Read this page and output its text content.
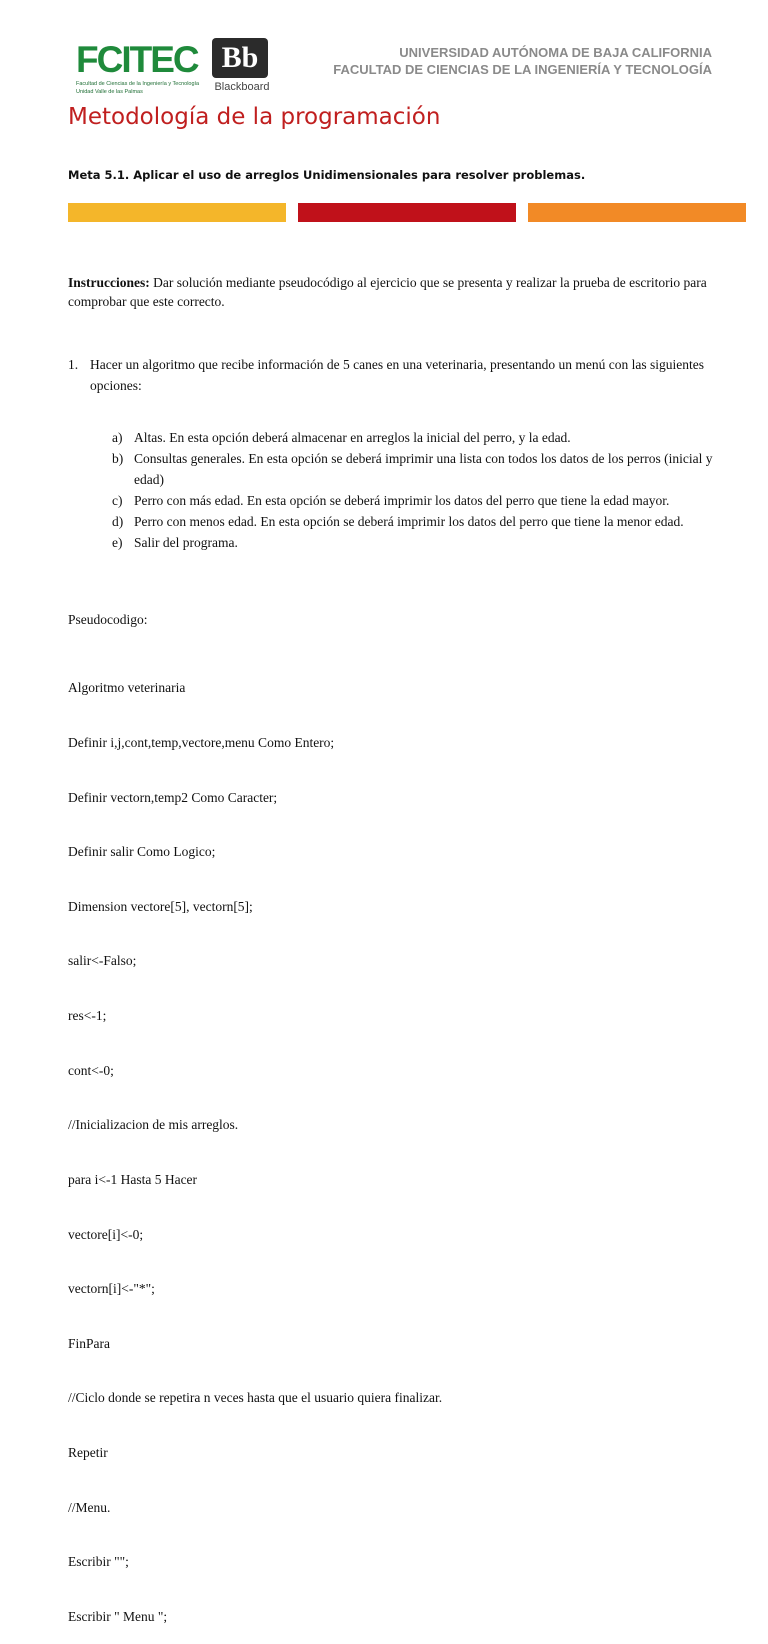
FCITEC
Facultad de Ciencias de la Ingeniería y Tecnología
Unidad Valle de las Palmas
Bb
Blackboard
UNIVERSIDAD AUTÓNOMA DE BAJA CALIFORNIA
FACULTAD DE CIENCIAS DE LA INGENIERÍA Y TECNOLOGÍA
Metodología de la programación
Meta 5.1. Aplicar el uso de arreglos Unidimensionales para resolver problemas.
Instrucciones: Dar solución mediante pseudocódigo al ejercicio que se presenta y realizar la prueba de escritorio para comprobar que este correcto.
1. Hacer un algoritmo que recibe información de 5 canes en una veterinaria, presentando un menú con las siguientes opciones:
a) Altas. En esta opción deberá almacenar en arreglos la inicial del perro, y la edad.
b) Consultas generales. En esta opción se deberá imprimir una lista con todos los datos de los perros (inicial y edad)
c) Perro con más edad. En esta opción se deberá imprimir los datos del perro que tiene la edad mayor.
d) Perro con menos edad. En esta opción se deberá imprimir los datos del perro que tiene la menor edad.
e) Salir del programa.
Pseudocodigo:

Algoritmo veterinaria

Definir i,j,cont,temp,vectore,menu Como Entero;

Definir vectorn,temp2 Como Caracter;

Definir salir Como Logico;

Dimension vectore[5], vectorn[5];

salir<-Falso;

res<-1;

cont<-0;

//Inicializacion de mis arreglos.

para i<-1 Hasta 5 Hacer

vectore[i]<-0;

vectorn[i]<-"*";

FinPara

//Ciclo donde se repetira n veces hasta que el usuario quiera finalizar.

Repetir

//Menu.

Escribir "";

Escribir " Menu ";
